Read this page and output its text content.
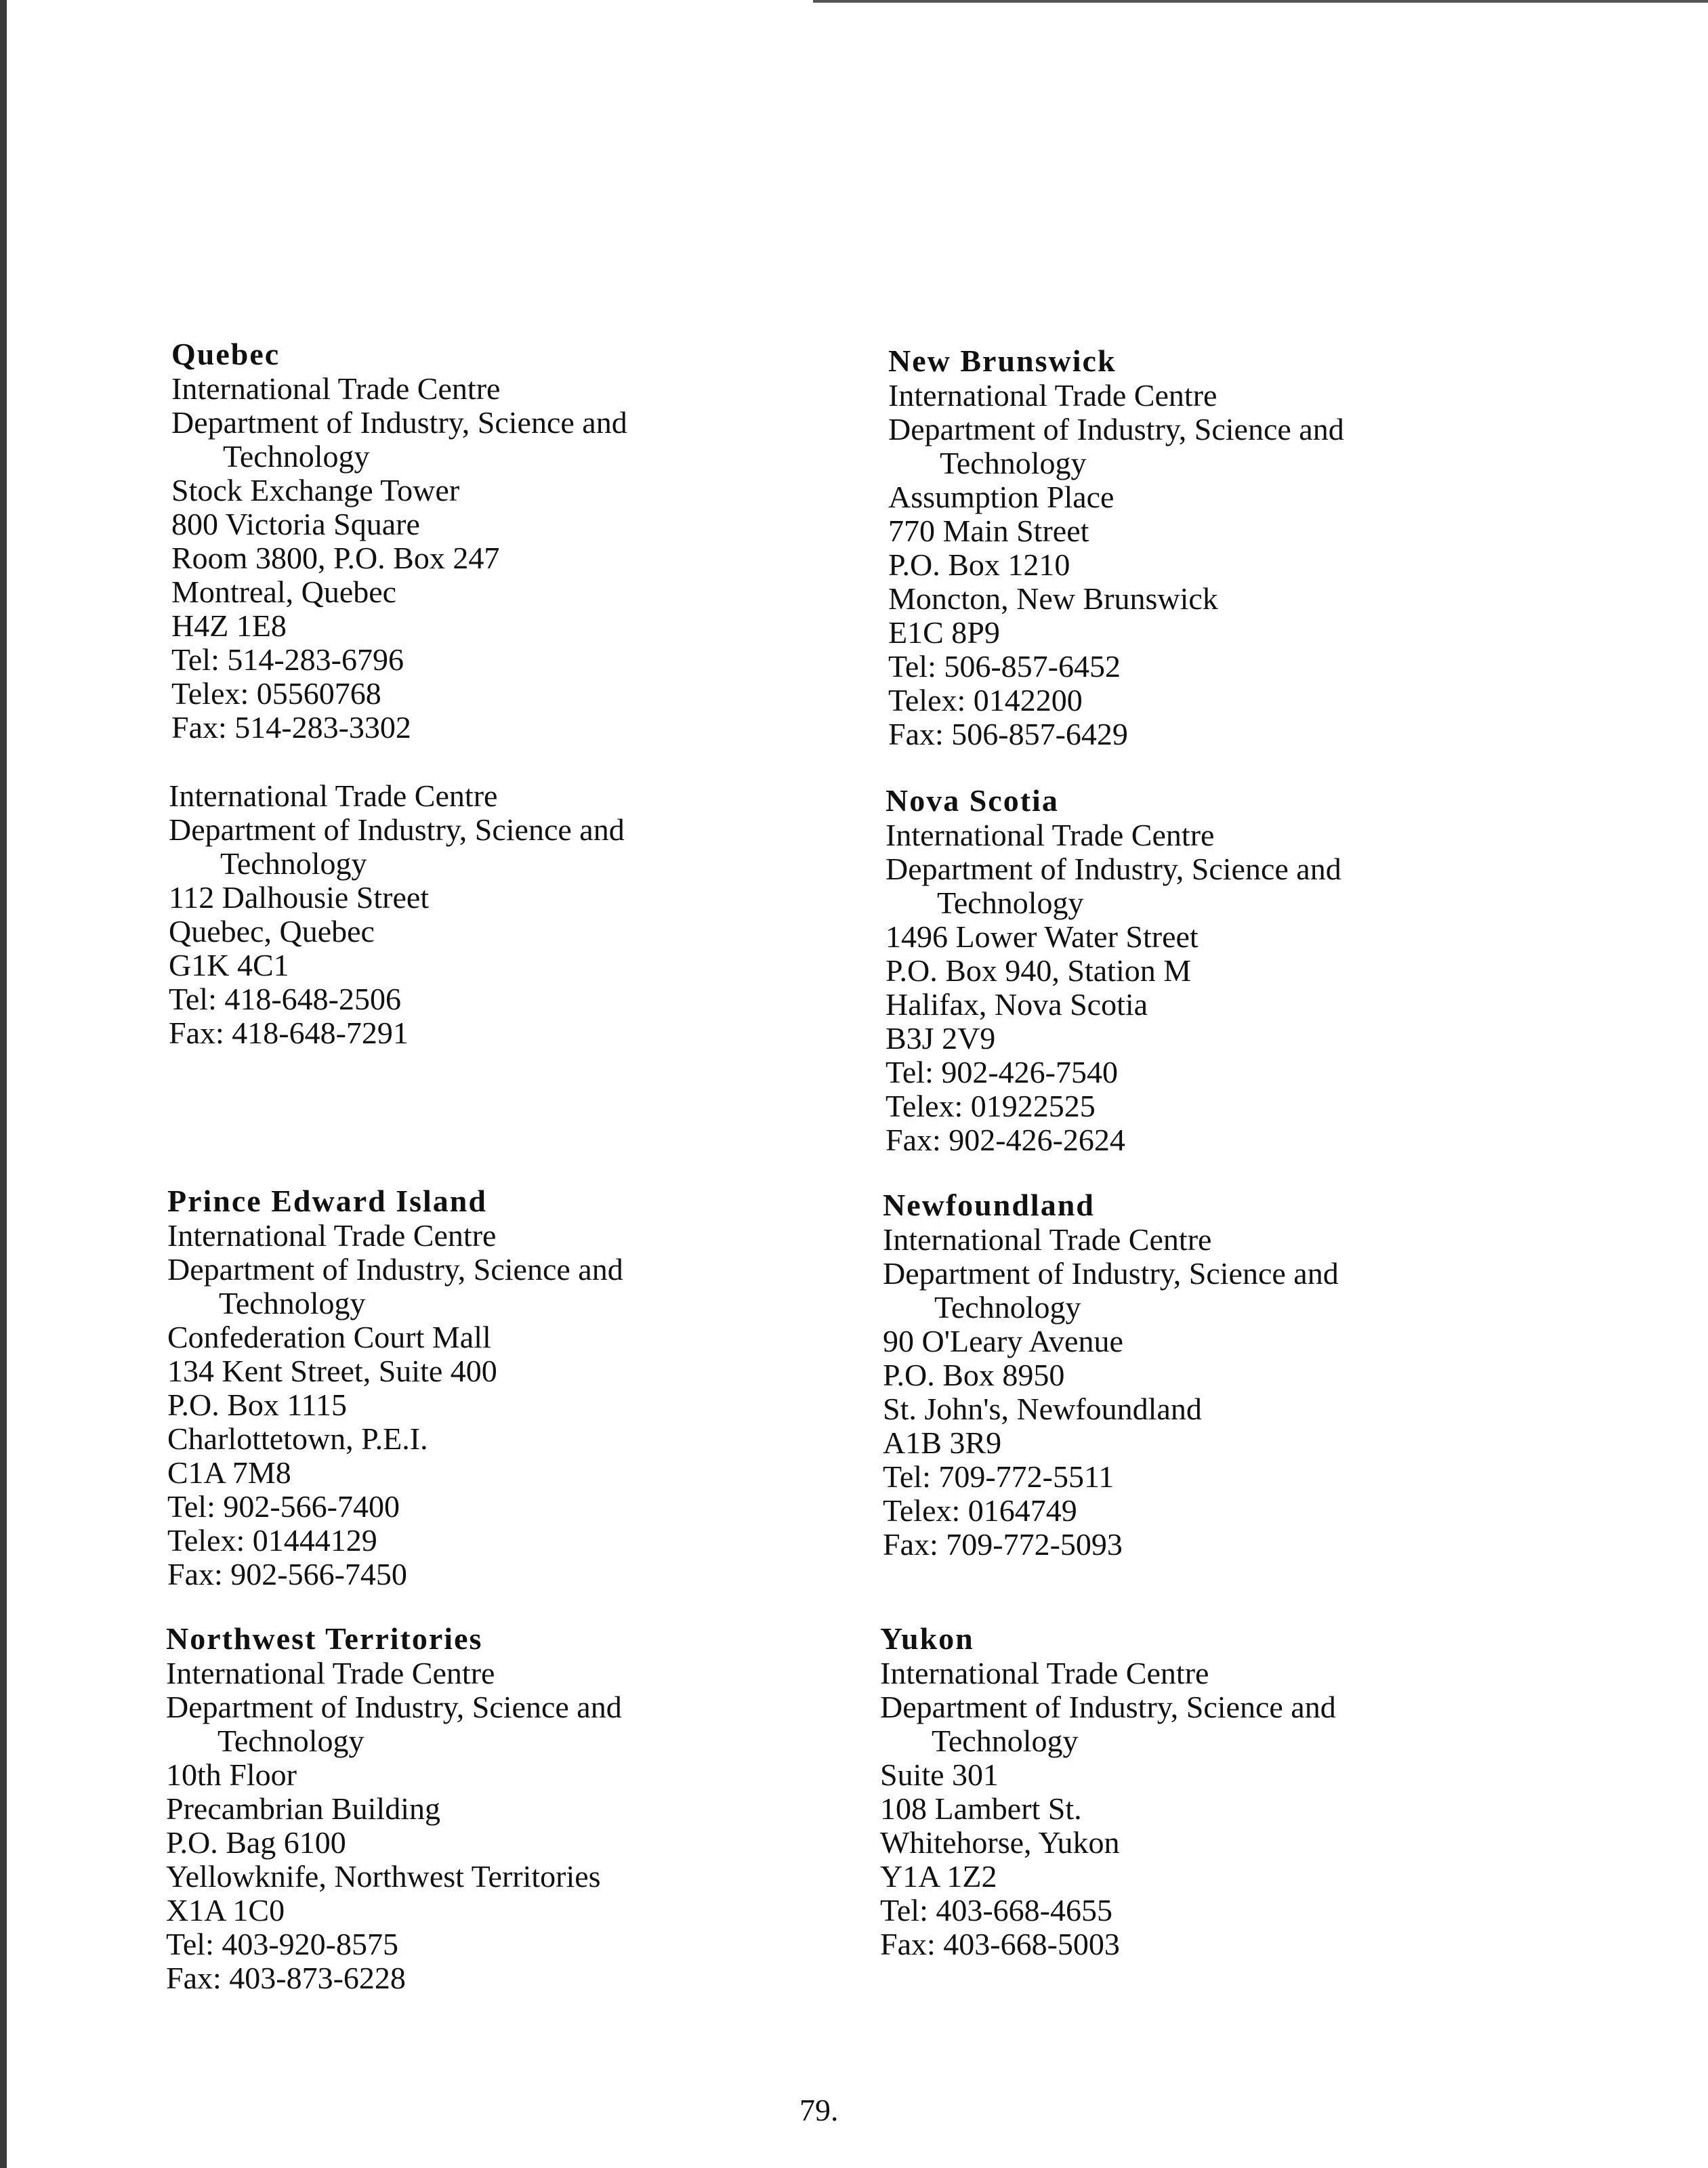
Quebec
International Trade Centre
Department of Industry, Science and
Technology
Stock Exchange Tower
800 Victoria Square
Room 3800, P.O. Box 247
Montreal, Quebec
H4Z 1E8
Tel: 514-283-6796
Telex: 05560768
Fax: 514-283-3302
International Trade Centre
Department of Industry, Science and
Technology
112 Dalhousie Street
Quebec, Quebec
G1K 4C1
Tel: 418-648-2506
Fax: 418-648-7291
Prince Edward Island
International Trade Centre
Department of Industry, Science and
Technology
Confederation Court Mall
134 Kent Street, Suite 400
P.O. Box 1115
Charlottetown, P.E.I.
C1A 7M8
Tel: 902-566-7400
Telex: 01444129
Fax: 902-566-7450
Northwest Territories
International Trade Centre
Department of Industry, Science and
Technology
10th Floor
Precambrian Building
P.O. Bag 6100
Yellowknife, Northwest Territories
X1A 1C0
Tel: 403-920-8575
Fax: 403-873-6228
New Brunswick
International Trade Centre
Department of Industry, Science and
Technology
Assumption Place
770 Main Street
P.O. Box 1210
Moncton, New Brunswick
E1C 8P9
Tel: 506-857-6452
Telex: 0142200
Fax: 506-857-6429
Nova Scotia
International Trade Centre
Department of Industry, Science and
Technology
1496 Lower Water Street
P.O. Box 940, Station M
Halifax, Nova Scotia
B3J 2V9
Tel: 902-426-7540
Telex: 01922525
Fax: 902-426-2624
Newfoundland
International Trade Centre
Department of Industry, Science and
Technology
90 O'Leary Avenue
P.O. Box 8950
St. John's, Newfoundland
A1B 3R9
Tel: 709-772-5511
Telex: 0164749
Fax: 709-772-5093
Yukon
International Trade Centre
Department of Industry, Science and
Technology
Suite 301
108 Lambert St.
Whitehorse, Yukon
Y1A 1Z2
Tel: 403-668-4655
Fax: 403-668-5003
79.
